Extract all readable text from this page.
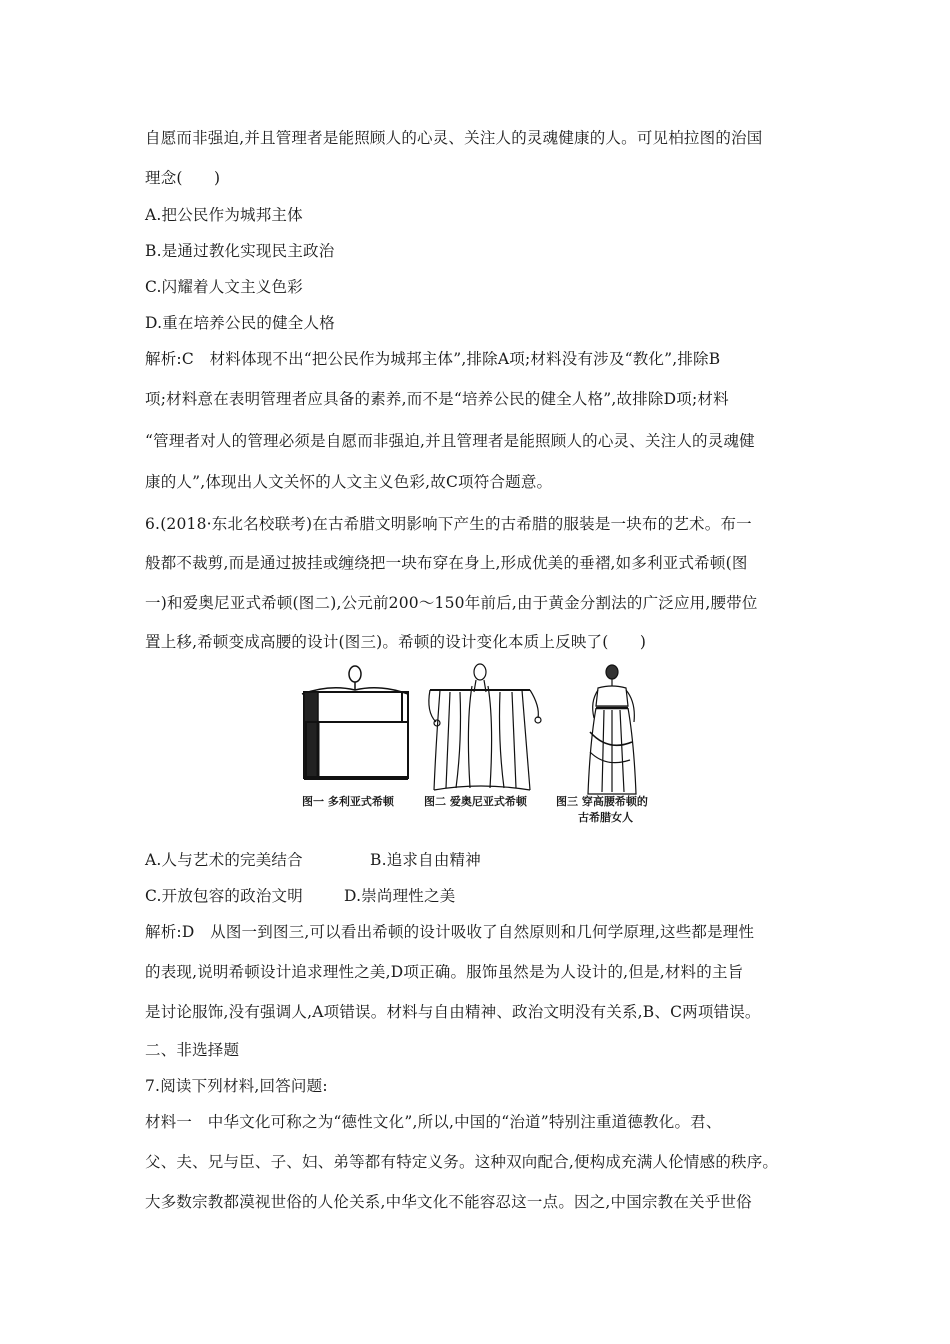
自愿而非强迫,并且管理者是能照顾人的心灵、关注人的灵魂健康的人。可见柏拉图的治国
理念(　　)
A.把公民作为城邦主体
B.是通过教化实现民主政治
C.闪耀着人文主义色彩
D.重在培养公民的健全人格
解析:C　材料体现不出“把公民作为城邦主体”,排除A项;材料没有涉及“教化”,排除B
项;材料意在表明管理者应具备的素养,而不是“培养公民的健全人格”,故排除D项;材料
“管理者对人的管理必须是自愿而非强迫,并且管理者是能照顾人的心灵、关注人的灵魂健
康的人”,体现出人文关怀的人文主义色彩,故C项符合题意。
6.(2018·东北名校联考)在古希腊文明影响下产生的古希腊的服装是一块布的艺术。布一
般都不裁剪,而是通过披挂或缠绕把一块布穿在身上,形成优美的垂褶,如多利亚式希顿(图
一)和爱奥尼亚式希顿(图二),公元前200～150年前后,由于黄金分割法的广泛应用,腰带位
置上移,希顿变成高腰的设计(图三)。希顿的设计变化本质上反映了(　　)
图一 多利亚式希顿	图二 爱奥尼亚式希顿	图三 穿高腰希顿的
古希腊女人
A.人与艺术的完美结合	B.追求自由精神
C.开放包容的政治文明	D.崇尚理性之美
解析:D　从图一到图三,可以看出希顿的设计吸收了自然原则和几何学原理,这些都是理性
的表现,说明希顿设计追求理性之美,D项正确。服饰虽然是为人设计的,但是,材料的主旨
是讨论服饰,没有强调人,A项错误。材料与自由精神、政治文明没有关系,B、C两项错误。
二、非选择题
7.阅读下列材料,回答问题:
材料一　中华文化可称之为“德性文化”,所以,中国的“治道”特别注重道德教化。君、
父、夫、兄与臣、子、妇、弟等都有特定义务。这种双向配合,便构成充满人伦情感的秩序。
大多数宗教都漠视世俗的人伦关系,中华文化不能容忍这一点。因之,中国宗教在关乎世俗
